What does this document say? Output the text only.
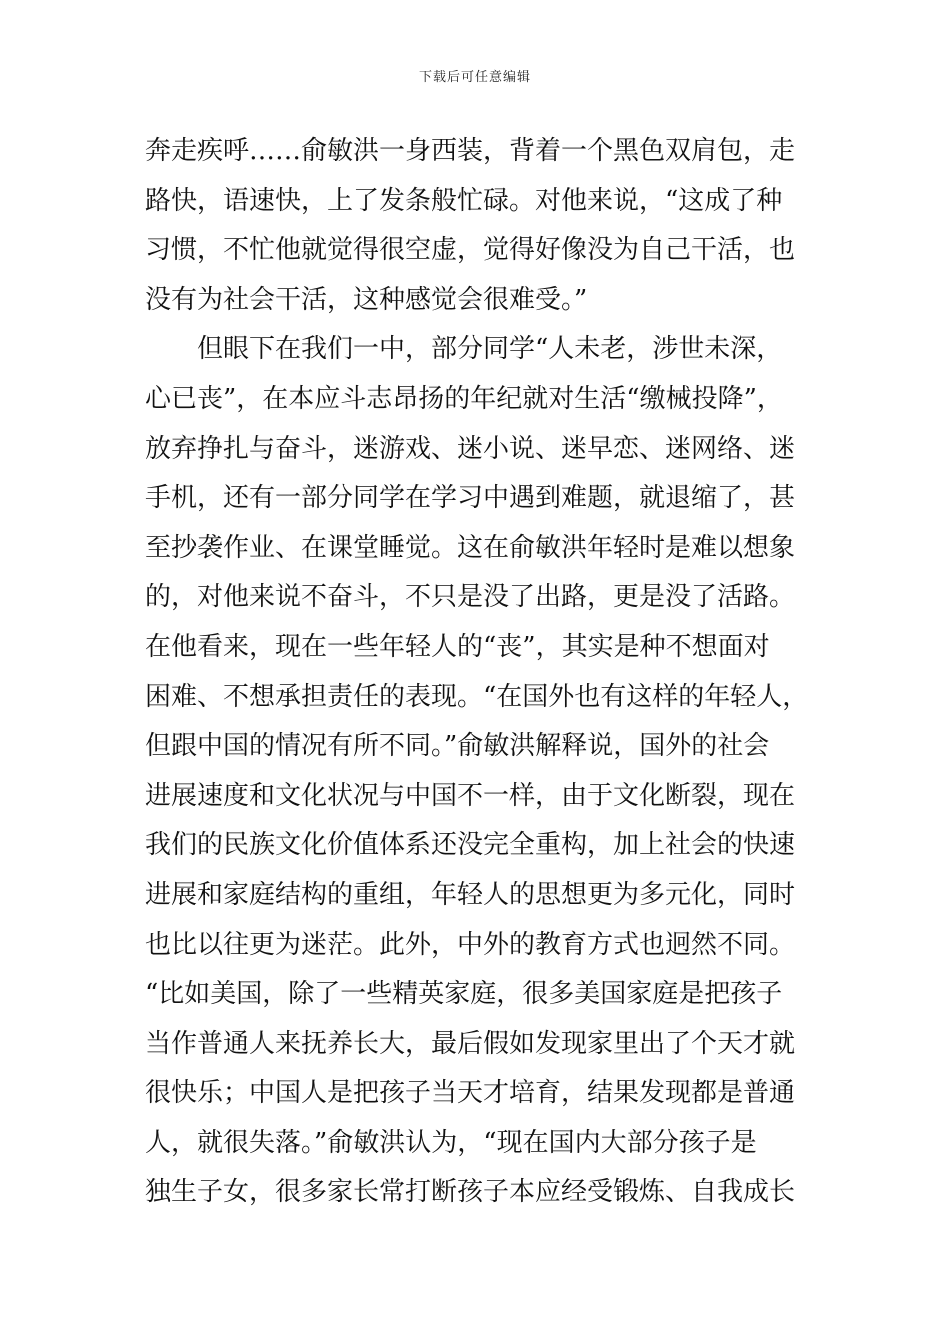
下载后可任意编辑
奔走疾呼……俞敏洪一身西装，背着一个黑色双肩包，走
路快，语速快，上了发条般忙碌。对他来说，“这成了种
习惯，不忙他就觉得很空虚，觉得好像没为自己干活，也
没有为社会干活，这种感觉会很难受。”
但眼下在我们一中，部分同学“人未老，涉世未深，
心已丧”，在本应斗志昂扬的年纪就对生活“缴械投降”，
放弃挣扎与奋斗，迷游戏、迷小说、迷早恋、迷网络、迷
手机，还有一部分同学在学习中遇到难题，就退缩了，甚
至抄袭作业、在课堂睡觉。这在俞敏洪年轻时是难以想象
的，对他来说不奋斗，不只是没了出路，更是没了活路。
在他看来，现在一些年轻人的“丧”，其实是种不想面对
困难、不想承担责任的表现。“在国外也有这样的年轻人，
但跟中国的情况有所不同。”俞敏洪解释说，国外的社会
进展速度和文化状况与中国不一样，由于文化断裂，现在
我们的民族文化价值体系还没完全重构，加上社会的快速
进展和家庭结构的重组，年轻人的思想更为多元化，同时
也比以往更为迷茫。此外，中外的教育方式也迥然不同。
“比如美国，除了一些精英家庭，很多美国家庭是把孩子
当作普通人来抚养长大，最后假如发现家里出了个天才就
很快乐；中国人是把孩子当天才培育，结果发现都是普通
人，就很失落。”俞敏洪认为，“现在国内大部分孩子是
独生子女，很多家长常打断孩子本应经受锻炼、自我成长
